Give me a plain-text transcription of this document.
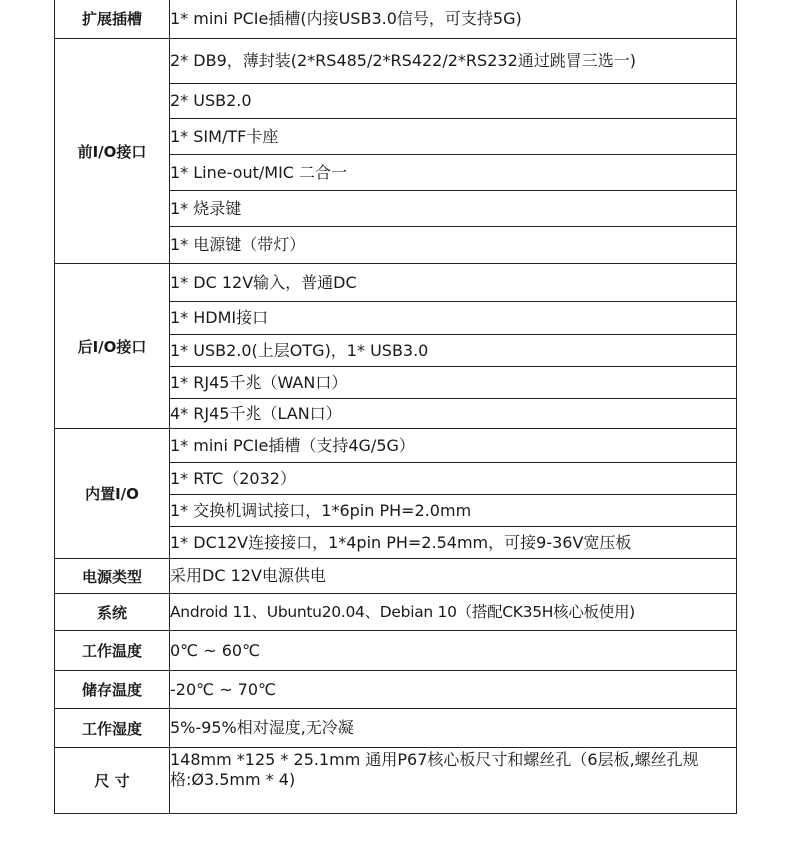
扩展插槽	1* mini PCIe插槽(内接USB3.0信号，可支持5G)
前I/O接口	2* DB9，薄封装(2*RS485/2*RS422/2*RS232通过跳冒三选一)
	2* USB2.0
	1* SIM/TF卡座
	1* Line-out/MIC 二合一
	1* 烧录键
	1* 电源键（带灯）
后I/O接口	1* DC 12V输入，普通DC
	1* HDMI接口
	1* USB2.0(上层OTG)，1* USB3.0
	1* RJ45千兆（WAN口）
	4* RJ45千兆（LAN口）
内置I/O	1* mini PCIe插槽（支持4G/5G）
	1* RTC（2032）
	1* 交换机调试接口，1*6pin PH=2.0mm
	1* DC12V连接接口，1*4pin PH=2.54mm，可接9-36V宽压板
电源类型	采用DC 12V电源供电
系统	Android 11、Ubuntu20.04、Debian 10（搭配CK35H核心板使用)
工作温度	0℃ ~ 60℃
储存温度	-20℃ ~ 70℃
工作湿度	5%-95%相对湿度,无冷凝
尺 寸	148mm *125 * 25.1mm 通用P67核心板尺寸和螺丝孔（6层板,螺丝孔规格:Ø3.5mm * 4)
